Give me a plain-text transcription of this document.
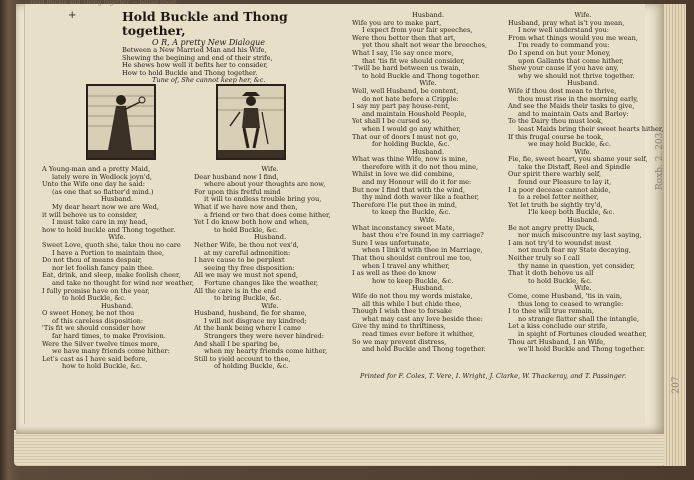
Hold Buckle and Thong together — ballad sheet
+	Hold Buckle and Thong together,
O R, A pretty New Dialogue
Between a New Married Man and his Wife,
Shewing the begining and end of their strife,
He shews how well it befits her to consider,
How to hold Buckle and Thong together.
Tune of, She cannot keep her, &c.

A Young-man and a pretty Maid,

lately were in Wedlock joyn'd,

Unto the Wife one day he said:

(as one that so flatter'd mind.)

Husband.

My dear heart now we are Wed,

it will behove us to consider,

I must take care in my head,

how to hold buckle and Thong together.

Wife.

Sweet Love, quoth she, take thou no care

I have a Portion to maintain thee,

Do not thou of means despair,

nor let foolish fancy pain thee.

Eat, drink, and sleep, make foolish cheer,

and take no thought for wind nor weather,

I fully promise have on the year,

to hold Buckle, &c.

Husband.

O sweet Honey, be not thou

of this careless disposition:

'Tis fit we should consider how

far hard times, to make Provision.

Were the Silver twelve times more,

we have many friends come hither:

Let's cast as I have said before,

how to hold Buckle, &c.

Wife.

Dear husband now I find,

where about your thoughts are now,

For upon this fretful mind

it will to endless trouble bring you,

What if we have now and then,

a friend or two that does come hither,

Yet I do know both how and when,

to hold Buckle, &c.

Husband.

Nether Wife, be thou not vex'd,

at my careful admonition:

I have cause to be perplext

seeing thy free disposition:

All we may we must not spend,

Fortune changes like the weather,

All the care is in the end

to bring Buckle, &c.

Wife.

Husband, husband, fie for shame,

I will not disgrace my kindred;

At the bank being where I came

Strangers they were never hindred:

And shall I be sparing be,

when my hearty friends come hither,

Still to yield account to thee,

of holding Buckle, &c.

Husband.

Wife you are to make part,

I expect from your fair speeches,

Were thou better then that art,

yet thou shalt not wear the breeches,

What I say, I'le say once more,

that 'tis fit we should consider,

'Twill be hard between us twain,

to hold Buckle and Thong together.

Wife.

Well, well Husband, be content,

do not hate before a Cripple:

I say my part pay house-rent,

and maintain Houshold People,

Yet shall I be cursed so,

when I would go any whither,

That our of doors I must not go,

for holding Buckle, &c.

Husband.

What was thine Wife, now is mine,

therefore with it do not thou mine,

Whilst in love we did combine,

and my Honour will do it for me:

But now I find that with the wind,

thy mind doth waver like a feather,

Therefore I'le put thee in mind,

to keep the Buckle, &c.

Wife.

What inconstancy sweet Mate,

hast thou e're found in my carriage?

Sure I was unfortunate,

when I link'd with thee in Marriage,

That thou shouldst controul me too,

when I travel any whither,

I as well as thee do know

how to keep Buckle, &c.

Husband.

Wife do not thou my words mistake,

all this while I but chide thee,

Though I wish thee to forsake

what may cast any love beside thee:

Give thy mind to thriftiness,

read times ever before it whither,

So we may prevent distress,

and hold Buckle and Thong together.

Wife.

Husband, pray what is't you mean,

I now well understand you:

From what things would you me wean,

I'm ready to command you:

Do I spend on but your Money,

upon Gallants that come hither,

Shew your cause if you have any,

why we should not thrive together.

Husband.

Wife if thou dost mean to thrive,

thou must rise in the morning early,

And see the Maids their tasks to give,

and to maintain Oats and Barley:

To the Dairy thou must look,

least Maids bring their sweet hearts hither,

If this frugal course be took,

we may hold Buckle, &c.

Wife.

Fie, fie, sweet heart, you shame your self,

take the Distaff, Reel and Spindle

Our spirit there warbly self,

found our Pleasure to lay it,

I a poor decease cannot abide,

to a rebel fetter neither,

Yet let truth be sightly try'd,

I'le keep both Buckle, &c.

Husband.

Be not angry pretty Duck,

nor much miscountre my last saying,

I am not try'd to woundst must

not much fear my State decaying,

Neither truly so I call

thy name in question, yet consider,

That it doth behove us all

to hold Buckle, &c.

Wife.

Come, come Husband, 'tis in vain,

thus long to ceased to wrangle:

I to thee will true remain,

no strange flatter shall the intangle,

Let a kiss conclude our strife,

in spight of Fortunes clouded weather,

Thou art Husband, I an Wife,

we'll hold Buckle and Thong together.

Printed for F. Coles, T. Vere, I. Wright, J. Clarke, W. Thackeray, and T. Passinger.
Roxb. 2. 203
207
